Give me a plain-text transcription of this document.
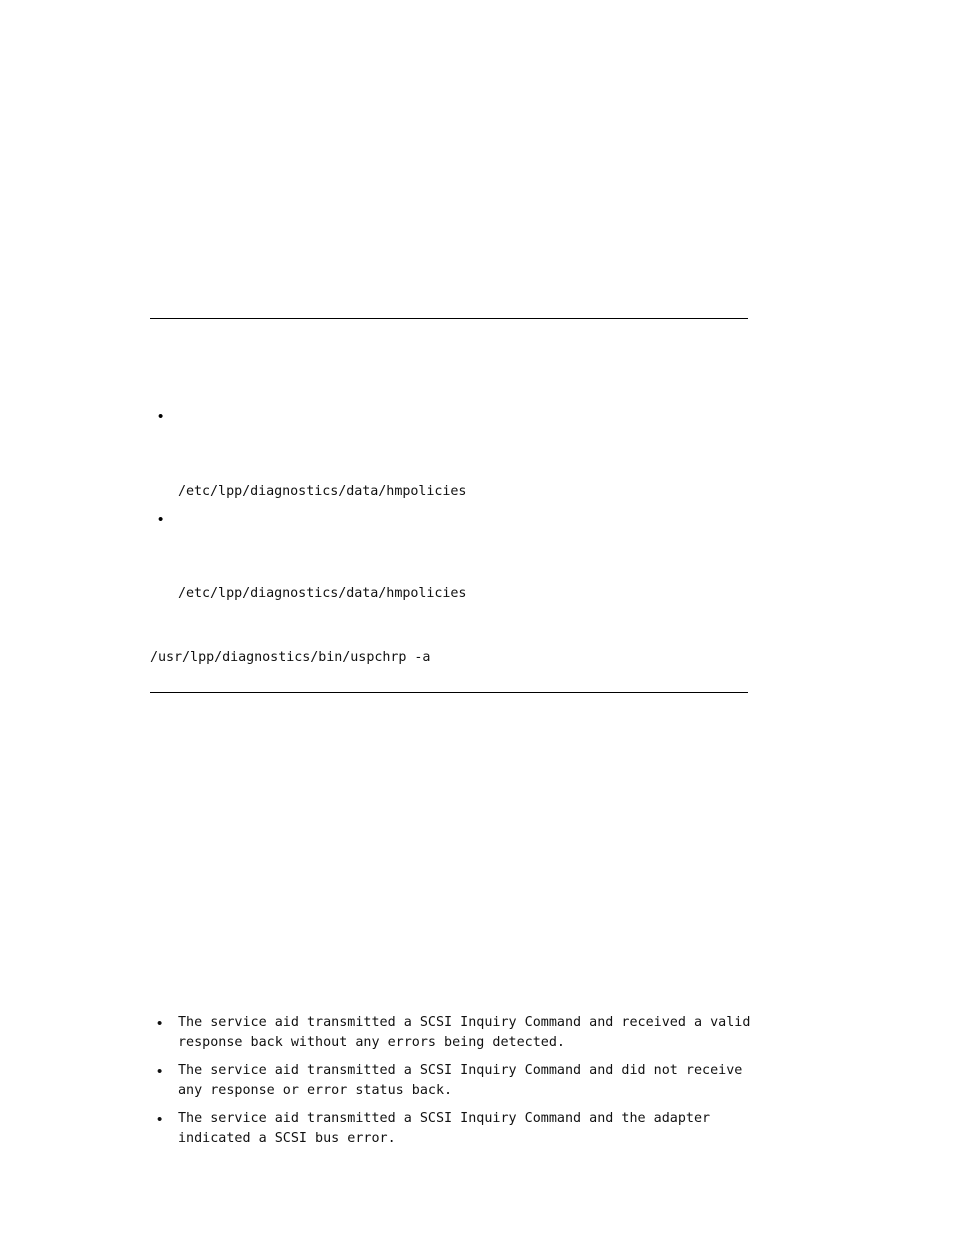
•
/etc/lpp/diagnostics/data/hmpolicies
•
/etc/lpp/diagnostics/data/hmpolicies
/usr/lpp/diagnostics/bin/uspchrp -a
• The service aid transmitted a SCSI Inquiry Command and received a valid
response back without any errors being detected.
• The service aid transmitted a SCSI Inquiry Command and did not receive
any response or error status back.
• The service aid transmitted a SCSI Inquiry Command and the adapter
indicated a SCSI bus error.
